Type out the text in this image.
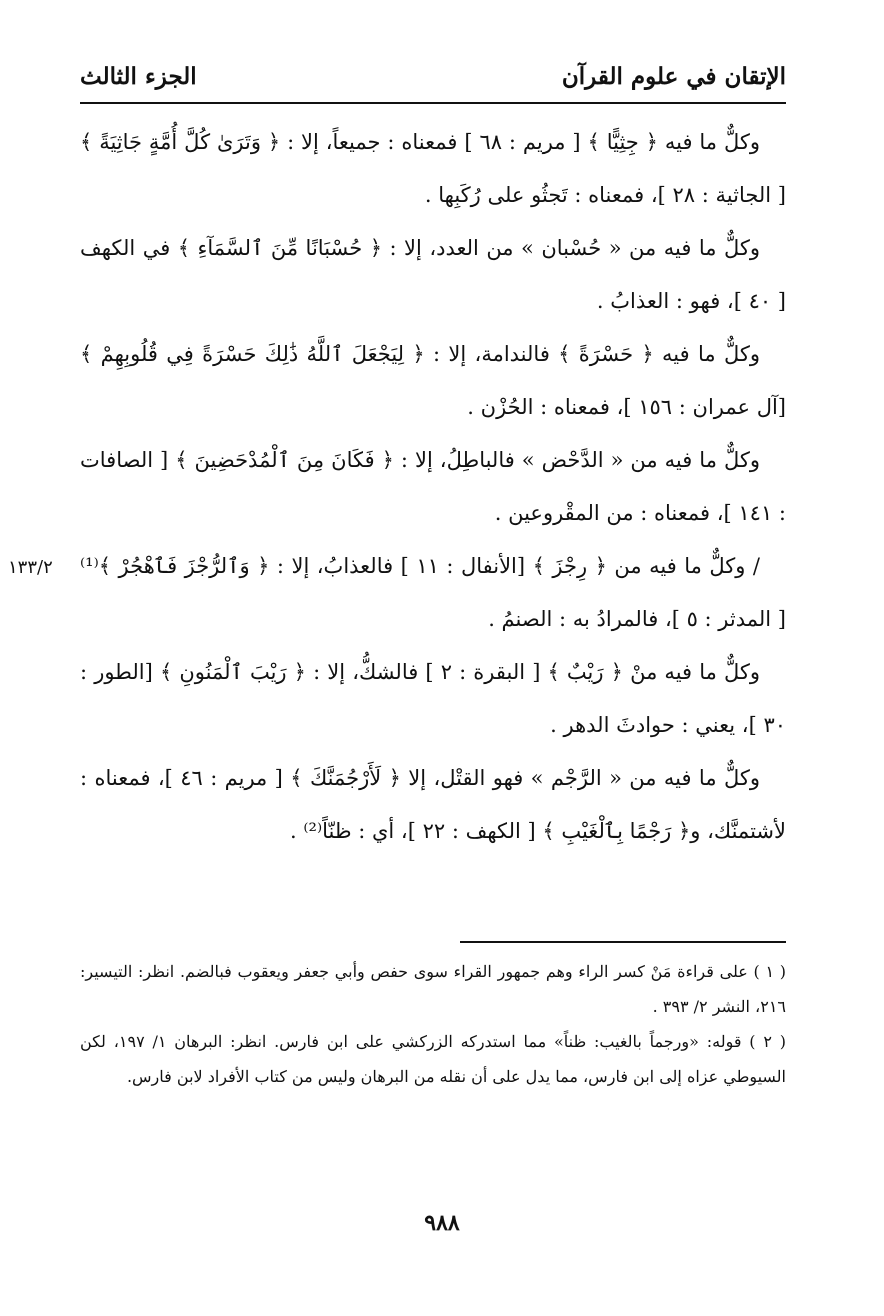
الإتقان في علوم القرآن
الجزء الثالث

وكلٌّ ما فيه ﴿ جِثِيًّا ﴾ [ مريم : ٦٨ ] فمعناه : جميعاً، إلا : ﴿ وَتَرَىٰ كُلَّ أُمَّةٍ جَاثِيَةً ﴾ [ الجاثية : ٢٨ ]، فمعناه : تَجثُو على رُكَبِها .

وكلٌّ ما فيه من « حُسْبان » من العدد، إلا : ﴿ حُسْبَانًا مِّنَ ٱلسَّمَآءِ ﴾ في الكهف [ ٤٠ ]، فهو : العذابُ .

وكلٌّ ما فيه ﴿ حَسْرَةً ﴾ فالندامة، إلا : ﴿ لِيَجْعَلَ ٱللَّهُ ذَٰلِكَ حَسْرَةً فِي قُلُوبِهِمْ ﴾ [آل عمران : ١٥٦ ]، فمعناه : الحُزْن .

وكلٌّ ما فيه من « الدَّحْض » فالباطِلُ، إلا : ﴿ فَكَانَ مِنَ ٱلْمُدْحَضِينَ ﴾ [ الصافات : ١٤١ ]، فمعناه : من المقْروعين .

/ وكلٌّ ما فيه من ﴿ رِجْزَ ﴾ [الأنفال : ١١ ] فالعذابُ، إلا : ﴿ وَٱلرُّجْزَ فَٱهْجُرْ ﴾⁽¹⁾ [ المدثر : ٥ ]، فالمرادُ به : الصنمُ .

وكلٌّ ما فيه منْ ﴿ رَيْبٌ ﴾ [ البقرة : ٢ ] فالشكُّ، إلا : ﴿ رَيْبَ ٱلْمَنُونِ ﴾ [الطور : ٣٠ ]، يعني : حوادثَ الدهر .

وكلٌّ ما فيه من « الرَّجْم » فهو القتْل، إلا ﴿ لَأَرْجُمَنَّكَ ﴾ [ مريم : ٤٦ ]، فمعناه : لأشتمنَّك، و﴿ رَجْمًا بِٱلْغَيْبِ ﴾ [ الكهف : ٢٢ ]، أي : ظنّاً⁽²⁾ .

١٣٣/٢

( ١ ) على قراءة مَنْ كسر الراء وهم جمهور القراء سوى حفص وأبي جعفر ويعقوب فبالضم. انظر: التيسير: ٢١٦، النشر ٢/ ٣٩٣ .

( ٢ ) قوله: «ورجماً بالغيب: ظناً» مما استدركه الزركشي على ابن فارس. انظر: البرهان ١/ ١٩٧، لكن السيوطي عزاه إلى ابن فارس، مما يدل على أن نقله من البرهان وليس من كتاب الأفراد لابن فارس.

٩٨٨
